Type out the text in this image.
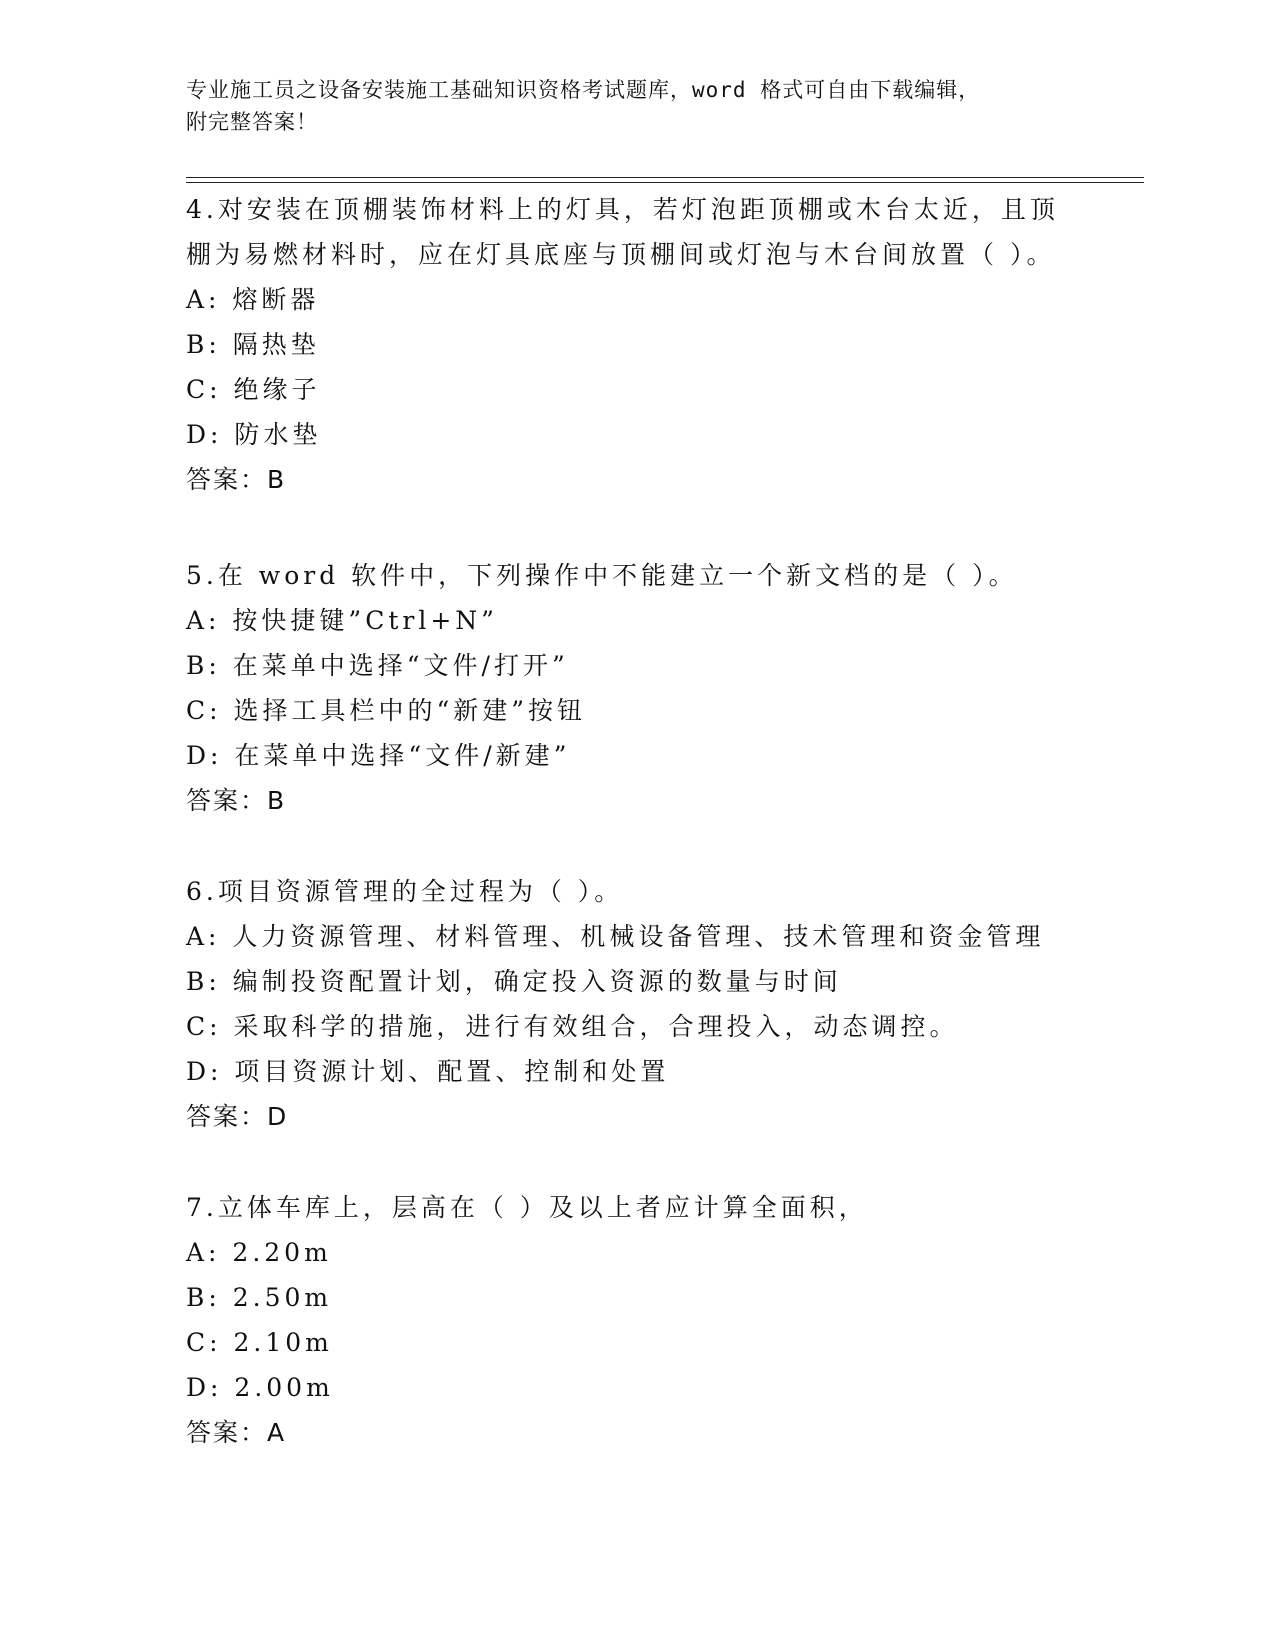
专业施工员之设备安装施工基础知识资格考试题库，word 格式可自由下载编辑，
附完整答案！
4.对安装在顶棚装饰材料上的灯具，若灯泡距顶棚或木台太近，且顶
棚为易燃材料时，应在灯具底座与顶棚间或灯泡与木台间放置（ ）。
A: 熔断器
B: 隔热垫
C: 绝缘子
D: 防水垫
答案：B
5.在 word 软件中，下列操作中不能建立一个新文档的是（ ）。
A: 按快捷键”Ctrl+N”
B: 在菜单中选择“文件/打开”
C: 选择工具栏中的“新建”按钮
D: 在菜单中选择“文件/新建”
答案：B
6.项目资源管理的全过程为（ ）。
A: 人力资源管理、材料管理、机械设备管理、技术管理和资金管理
B: 编制投资配置计划，确定投入资源的数量与时间
C: 采取科学的措施，进行有效组合，合理投入，动态调控。
D: 项目资源计划、配置、控制和处置
答案：D
7.立体车库上，层高在（ ）及以上者应计算全面积，
A: 2.20m
B: 2.50m
C: 2.10m
D: 2.00m
答案：A
